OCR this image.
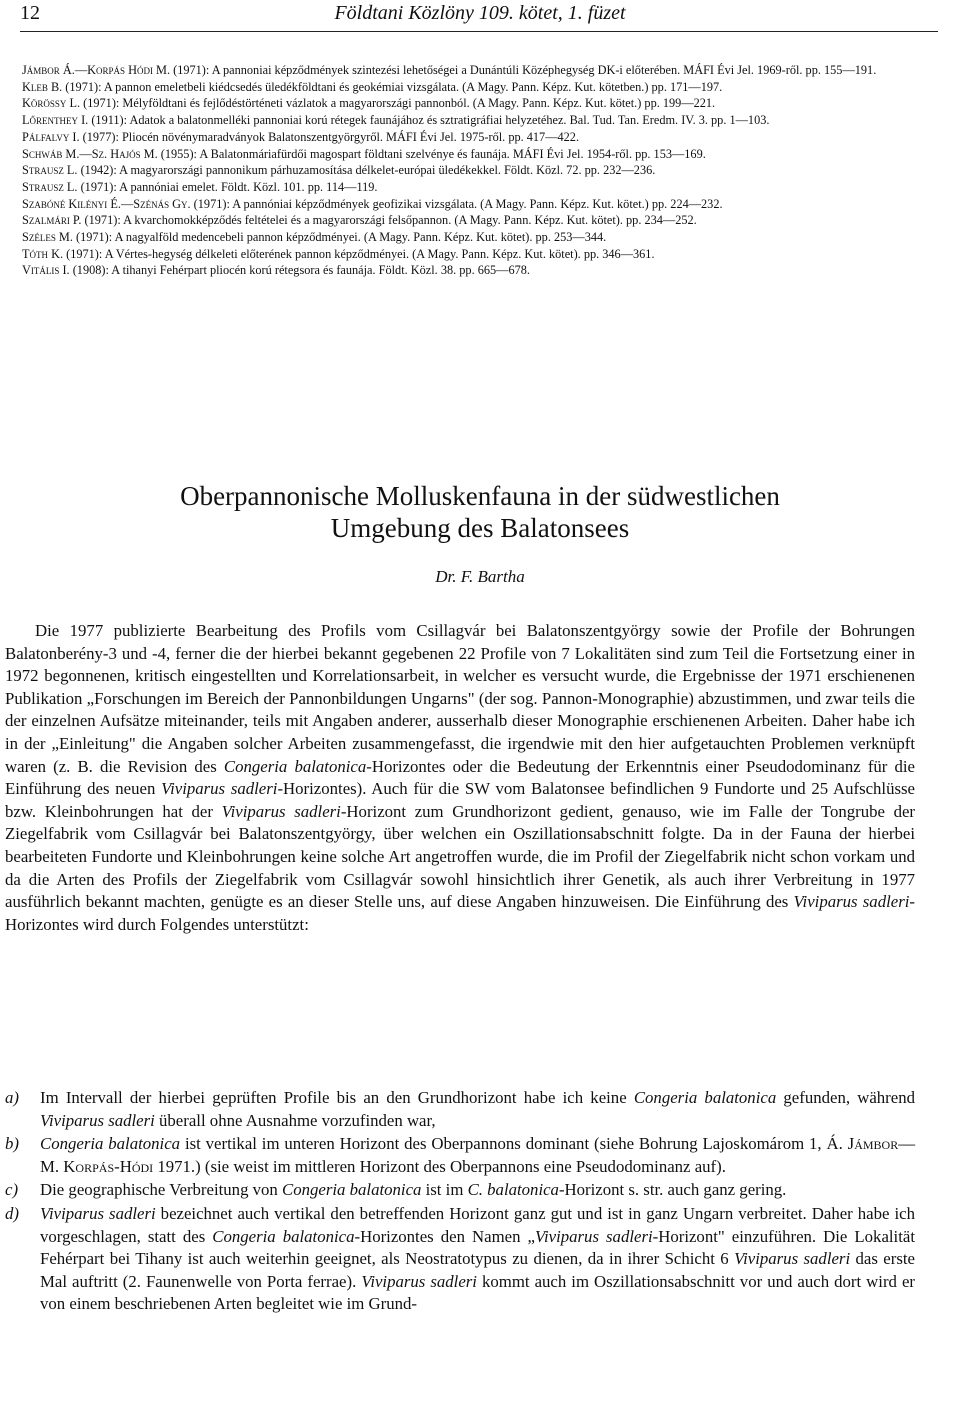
12	Földtani Közlöny 109. kötet, 1. füzet

Jámbor Á.—Korpás Hódi M. (1971): A pannoniai képződmények szintezési lehetőségei a Dunántúli Középhegység DK-i előterében. MÁFI Évi Jel. 1969-ről. pp. 155—191.

Kleb B. (1971): A pannon emeletbeli kiédcsedés üledékföldtani és geokémiai vizsgálata. (A Magy. Pann. Képz. Kut. kötetben.) pp. 171—197.

Körössy L. (1971): Mélyföldtani és fejlődéstörténeti vázlatok a magyarországi pannonból. (A Magy. Pann. Képz. Kut. kötet.) pp. 199—221.

Lőrenthey I. (1911): Adatok a balatonmelléki pannoniai korú rétegek faunájához és sztratigráfiai helyzetéhez. Bal. Tud. Tan. Eredm. IV. 3. pp. 1—103.

Pálfalvy I. (1977): Pliocén növénymaradványok Balatonszentgyörgyről. MÁFI Évi Jel. 1975-ről. pp. 417—422.

Schwáb M.—Sz. Hajós M. (1955): A Balatonmáriafürdői magospart földtani szelvénye és faunája. MÁFI Évi Jel. 1954-ről. pp. 153—169.

Strausz L. (1942): A magyarországi pannonikum párhuzamosítása délkelet-európai üledékekkel. Földt. Közl. 72. pp. 232—236.

Strausz L. (1971): A pannóniai emelet. Földt. Közl. 101. pp. 114—119.

Szabóné Kilényi É.—Szénás Gy. (1971): A pannóniai képződmények geofizikai vizsgálata. (A Magy. Pann. Képz. Kut. kötet.) pp. 224—232.

Szalmári P. (1971): A kvarchomokképződés feltételei és a magyarországi felsőpannon. (A Magy. Pann. Képz. Kut. kötet). pp. 234—252.

Széles M. (1971): A nagyalföld medencebeli pannon képződményei. (A Magy. Pann. Képz. Kut. kötet). pp. 253—344.

Tóth K. (1971): A Vértes-hegység délkeleti előterének pannon képződményei. (A Magy. Pann. Képz. Kut. kötet). pp. 346—361.

Vitális I. (1908): A tihanyi Fehérpart pliocén korú rétegsora és faunája. Földt. Közl. 38. pp. 665—678.

Oberpannonische Molluskenfauna in der südwestlichen
Umgebung des Balatonsees
Dr. F. Bartha

Die 1977 publizierte Bearbeitung des Profils vom Csillagvár bei Balatonszentgyörgy sowie der Profile der Bohrungen Balatonberény-3 und -4, ferner die der hierbei bekannt gegebenen 22 Profile von 7 Lokalitäten sind zum Teil die Fortsetzung einer in 1972 begonnenen, kritisch eingestellten und Korrelationsarbeit, in welcher es versucht wurde, die Ergebnisse der 1971 erschienenen Publikation „Forschungen im Bereich der Pannonbildungen Ungarns" (der sog. Pannon-Monographie) abzustimmen, und zwar teils die der einzelnen Aufsätze miteinander, teils mit Angaben anderer, ausserhalb dieser Monographie erschienenen Arbeiten. Daher habe ich in der „Einleitung" die Angaben solcher Arbeiten zusammengefasst, die irgendwie mit den hier aufgetauchten Problemen verknüpft waren (z. B. die Revision des Congeria balatonica-Horizontes oder die Bedeutung der Erkenntnis einer Pseudodominanz für die Einführung des neuen Viviparus sadleri-Horizontes). Auch für die SW vom Balatonsee befindlichen 9 Fundorte und 25 Aufschlüsse bzw. Kleinbohrungen hat der Viviparus sadleri-Horizont zum Grundhorizont gedient, genauso, wie im Falle der Tongrube der Ziegelfabrik vom Csillagvár bei Balatonszentgyörgy, über welchen ein Oszillationsabschnitt folgte. Da in der Fauna der hierbei bearbeiteten Fundorte und Kleinbohrungen keine solche Art angetroffen wurde, die im Profil der Ziegelfabrik nicht schon vorkam und da die Arten des Profils der Ziegelfabrik vom Csillagvár sowohl hinsichtlich ihrer Genetik, als auch ihrer Verbreitung in 1977 ausführlich bekannt machten, genügte es an dieser Stelle uns, auf diese Angaben hinzuweisen. Die Einführung des Viviparus sadleri-Horizontes wird durch Folgendes unterstützt:

a) Im Intervall der hierbei geprüften Profile bis an den Grundhorizont habe ich keine Congeria balatonica gefunden, während Viviparus sadleri überall ohne Ausnahme vorzufinden war,
b) Congeria balatonica ist vertikal im unteren Horizont des Oberpannons dominant (siehe Bohrung Lajoskomárom 1, Á. Jámbor—M. Korpás-Hódi 1971.) (sie weist im mittleren Horizont des Oberpannons eine Pseudodominanz auf).
c) Die geographische Verbreitung von Congeria balatonica ist im C. balatonica-Horizont s. str. auch ganz gering.
d) Viviparus sadleri bezeichnet auch vertikal den betreffenden Horizont ganz gut und ist in ganz Ungarn verbreitet. Daher habe ich vorgeschlagen, statt des Congeria balatonica-Horizontes den Namen „Viviparus sadleri-Horizont" einzuführen. Die Lokalität Fehérpart bei Tihany ist auch weiterhin geeignet, als Neostratotypus zu dienen, da in ihrer Schicht 6 Viviparus sadleri das erste Mal auftritt (2. Faunenwelle von Porta ferrae). Viviparus sadleri kommt auch im Oszillationsabschnitt vor und auch dort wird er von einem beschriebenen Arten begleitet wie im Grund-
